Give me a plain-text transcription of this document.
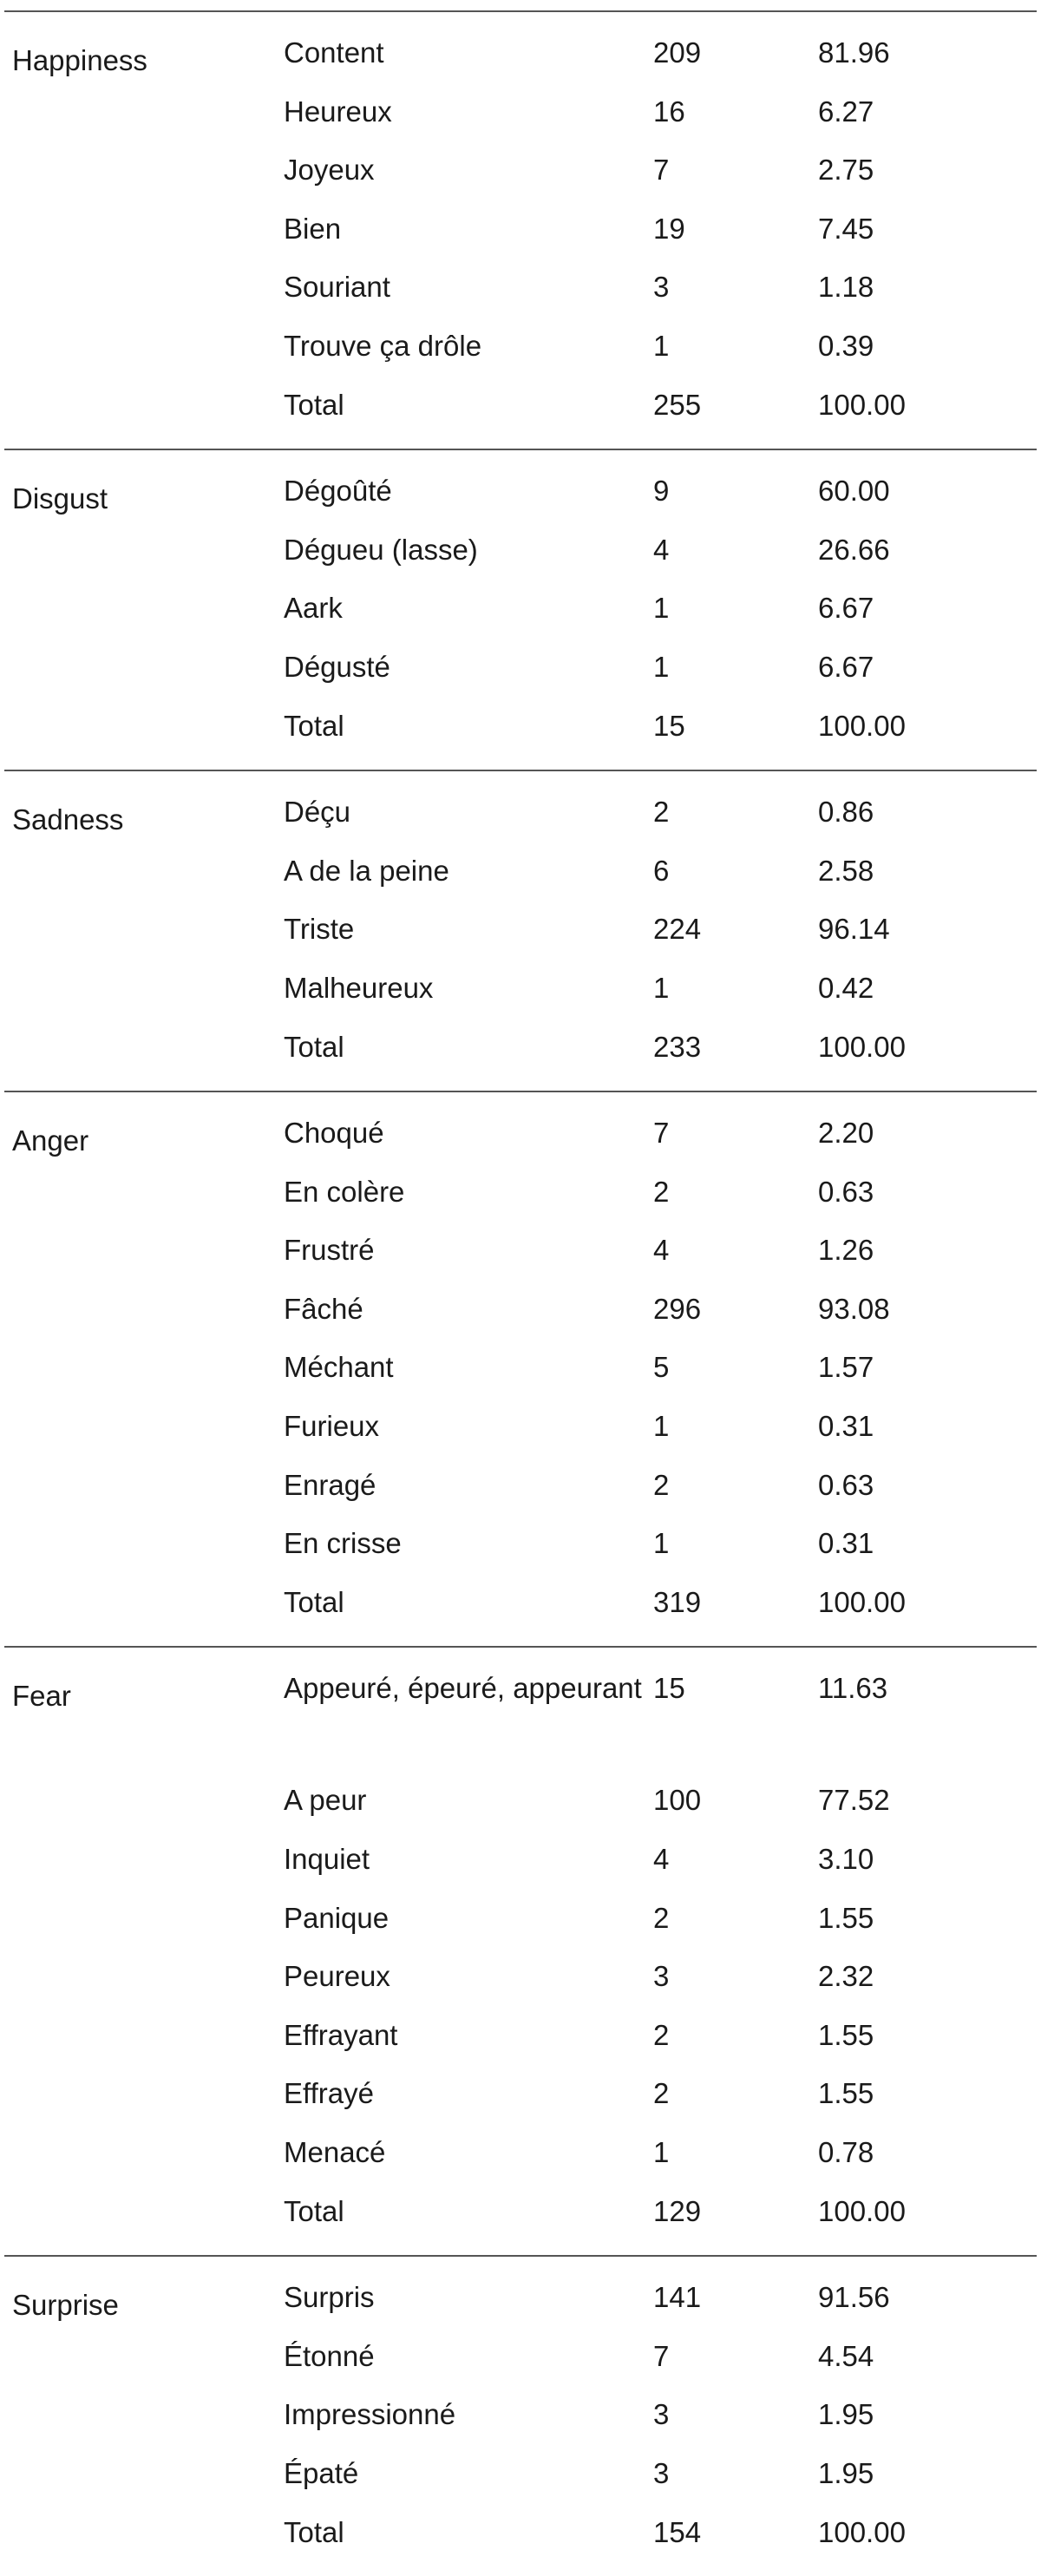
Happiness	Content	209	81.96
Heureux	16	6.27
Joyeux	7	2.75
Bien	19	7.45
Souriant	3	1.18
Trouve ça drôle	1	0.39
Total	255	100.00
Disgust	Dégoûté	9	60.00
Dégueu (lasse)	4	26.66
Aark	1	6.67
Dégusté	1	6.67
Total	15	100.00
Sadness	Déçu	2	0.86
A de la peine	6	2.58
Triste	224	96.14
Malheureux	1	0.42
Total	233	100.00
Anger	Choqué	7	2.20
En colère	2	0.63
Frustré	4	1.26
Fâché	296	93.08
Méchant	5	1.57
Furieux	1	0.31
Enragé	2	0.63
En crisse	1	0.31
Total	319	100.00
Fear	Appeuré, épeuré, appeurant 15	11.63
A peur	100	77.52
Inquiet	4	3.10
Panique	2	1.55
Peureux	3	2.32
Effrayant	2	1.55
Effrayé	2	1.55
Menacé	1	0.78
Total	129	100.00
Surprise	Surpris	141	91.56
Étonné	7	4.54
Impressionné	3	1.95
Épaté	3	1.95
Total	154	100.00
